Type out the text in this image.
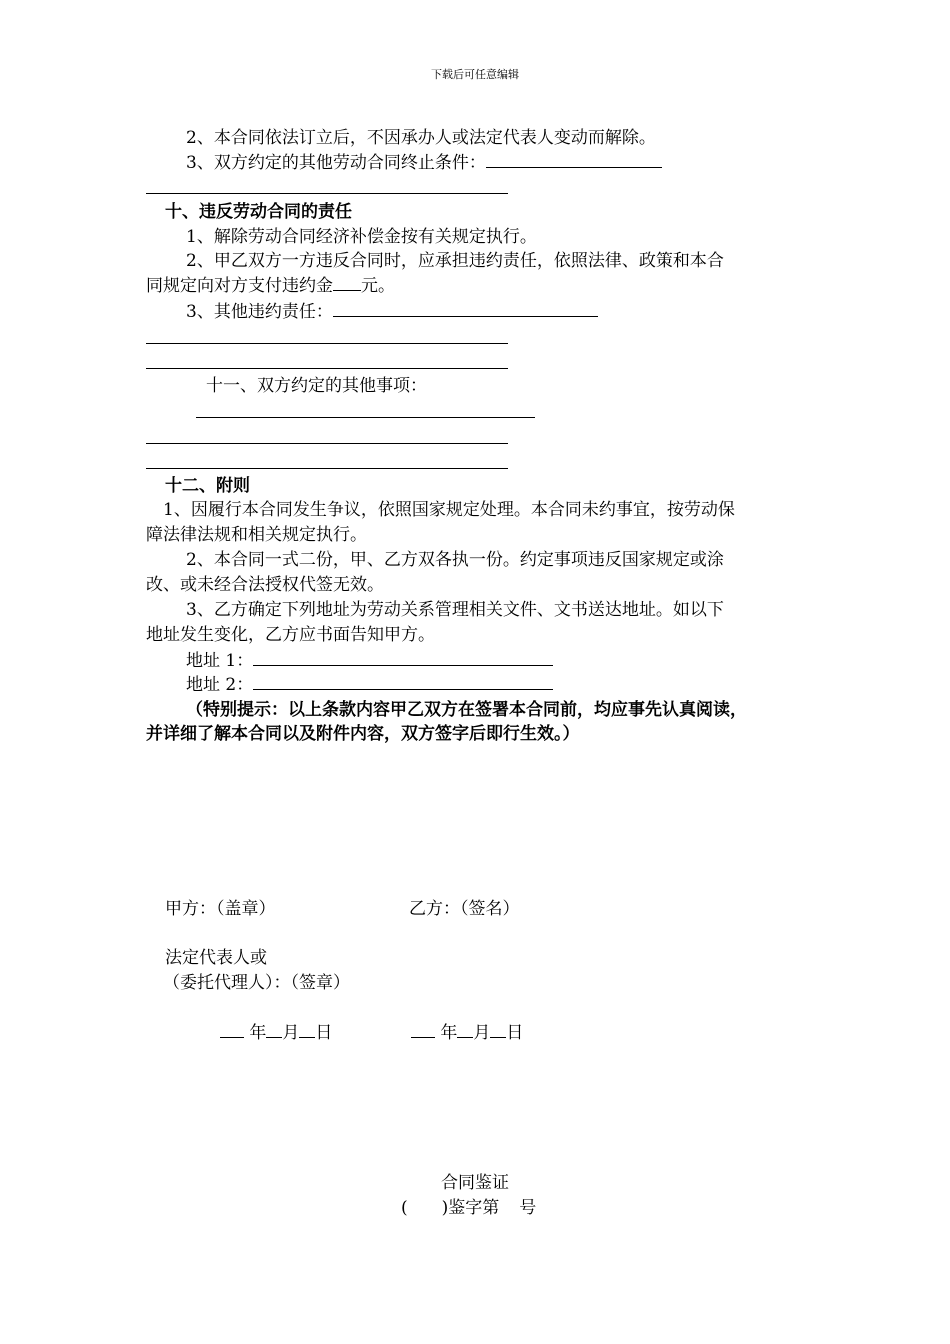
下载后可任意编辑
2、本合同依法订立后，不因承办人或法定代表人变动而解除。
3、双方约定的其他劳动合同终止条件：
十、违反劳动合同的责任
1、解除劳动合同经济补偿金按有关规定执行。
2、甲乙双方一方违反合同时，应承担违约责任，依照法律、政策和本合
同规定向对方支付违约金 元。
3、其他违约责任：
十一、双方约定的其他事项：
十二、附则
1、因履行本合同发生争议，依照国家规定处理。本合同未约事宜，按劳动保
障法律法规和相关规定执行。
2、本合同一式二份，甲、乙方双各执一份。约定事项违反国家规定或涂
改、或未经合法授权代签无效。
3、乙方确定下列地址为劳动关系管理相关文件、文书送达地址。如以下
地址发生变化，乙方应书面告知甲方。
地址 1：
地址 2：
（特别提示：以上条款内容甲乙双方在签署本合同前，均应事先认真阅读，
并详细了解本合同以及附件内容，双方签字后即行生效。）
甲方：（盖章）	乙方：（签名）
法定代表人或
（委托代理人）：（签章）
年 月 日	年 月 日
合同鉴证
( )鉴字第 号
